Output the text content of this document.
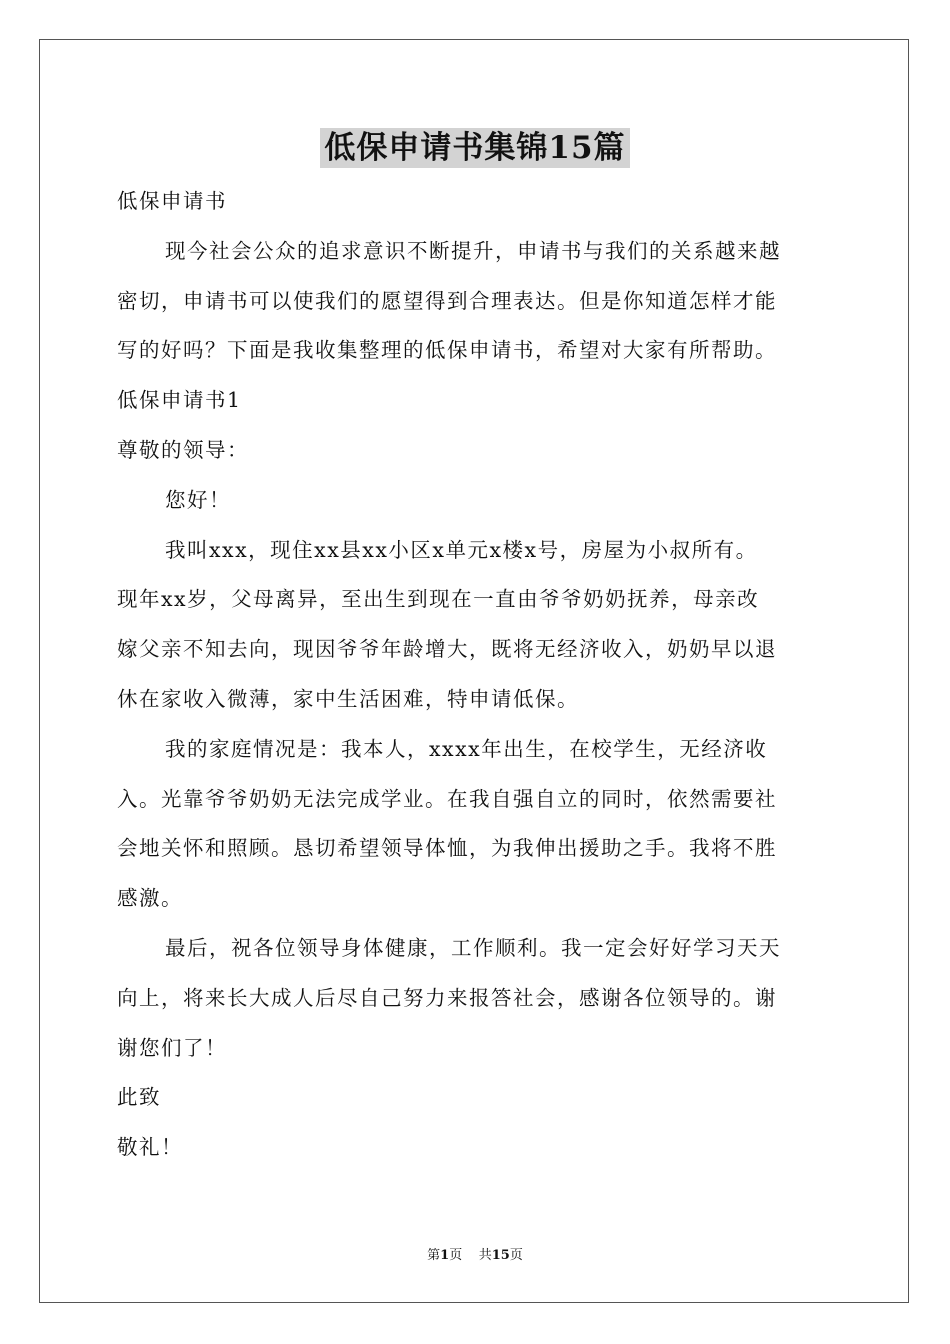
低保申请书集锦15篇

低保申请书

现今社会公众的追求意识不断提升，申请书与我们的关系越来越

密切，申请书可以使我们的愿望得到合理表达。但是你知道怎样才能

写的好吗？下面是我收集整理的低保申请书，希望对大家有所帮助。

低保申请书1

尊敬的领导：

您好！

我叫xxx，现住xx县xx小区x单元x楼x号，房屋为小叔所有。

现年xx岁，父母离异，至出生到现在一直由爷爷奶奶抚养，母亲改

嫁父亲不知去向，现因爷爷年龄增大，既将无经济收入，奶奶早以退

休在家收入微薄，家中生活困难，特申请低保。

我的家庭情况是：我本人，xxxx年出生，在校学生，无经济收

入。光靠爷爷奶奶无法完成学业。在我自强自立的同时，依然需要社

会地关怀和照顾。恳切希望领导体恤，为我伸出援助之手。我将不胜

感激。

最后，祝各位领导身体健康，工作顺利。我一定会好好学习天天

向上，将来长大成人后尽自己努力来报答社会，感谢各位领导的。谢

谢您们了！

此致

敬礼！

第1页 共15页
